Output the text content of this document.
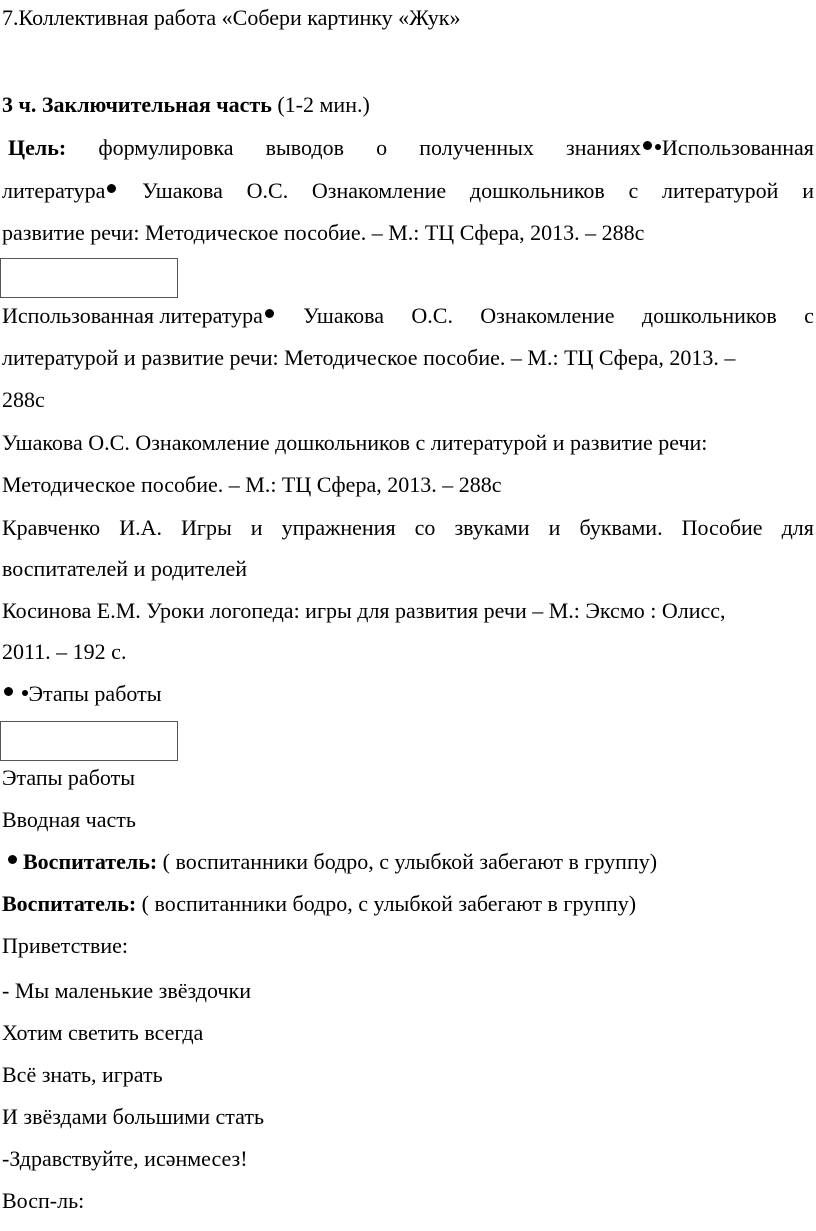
7.Коллективная работа «Собери картинку «Жук»
3 ч. Заключительная часть (1-2 мин.)
Цель: формулировка выводов о полученных знаниях Использованная
литература	Ушакова О.С. Ознакомление дошкольников с литературой и
развитие речи: Методическое пособие. – М.: ТЦ Сфера, 2013. – 288с
Использованная литература	Ушакова О.С. Ознакомление дошкольников с
литературой и развитие речи: Методическое пособие. – М.: ТЦ Сфера, 2013. –
288с
Ушакова О.С. Ознакомление дошкольников с литературой и развитие речи:
Методическое пособие. – М.: ТЦ Сфера, 2013. – 288с
Кравченко И.А. Игры и упражнения со звуками и буквами. Пособие для
воспитателей и родителей
Косинова Е.М. Уроки логопеда: игры для развития речи – М.: Эксмо : Олисс,
2011. – 192 с.
Этапы работы
Этапы работы
Вводная часть
Воспитатель: ( воспитанники бодро, с улыбкой забегают в группу)
Воспитатель: ( воспитанники бодро, с улыбкой забегают в группу)
Приветствие:
- Мы маленькие звёздочки
Хотим светить всегда
Всё знать, играть
И звёздами большими стать
-Здравствуйте, исәнмесез!
Восп-ль:
